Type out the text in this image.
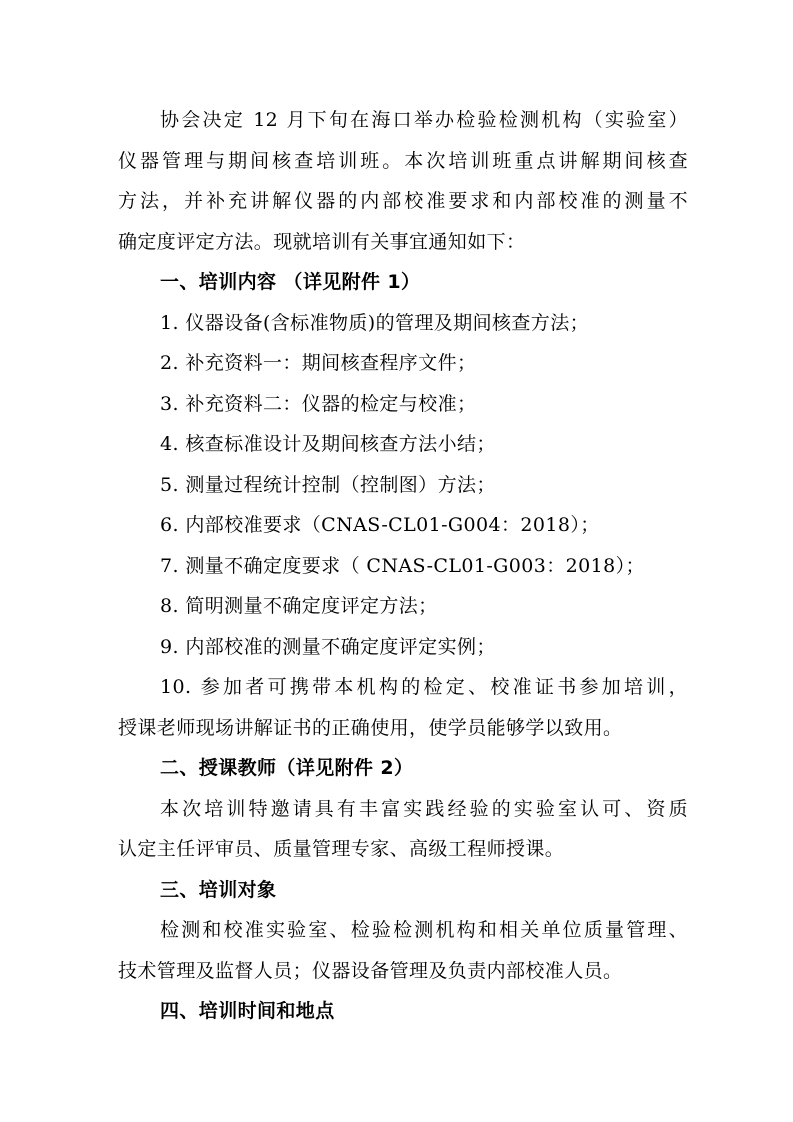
协会决定 12 月下旬在海口举办检验检测机构（实验室）
仪器管理与期间核查培训班。本次培训班重点讲解期间核查
方法，并补充讲解仪器的内部校准要求和内部校准的测量不
确定度评定方法。现就培训有关事宜通知如下：
一、培训内容 （详见附件 1）
1. 仪器设备(含标准物质)的管理及期间核查方法；
2. 补充资料一：期间核查程序文件；
3. 补充资料二：仪器的检定与校准；
4. 核查标准设计及期间核查方法小结；
5. 测量过程统计控制（控制图）方法；
6. 内部校准要求（CNAS-CL01-G004：2018）；
7. 测量不确定度要求（ CNAS-CL01-G003：2018）；
8. 简明测量不确定度评定方法；
9. 内部校准的测量不确定度评定实例；
10. 参加者可携带本机构的检定、校准证书参加培训，
授课老师现场讲解证书的正确使用，使学员能够学以致用。
二、授课教师（详见附件 2）
本次培训特邀请具有丰富实践经验的实验室认可、资质
认定主任评审员、质量管理专家、高级工程师授课。
三、培训对象
检测和校准实验室、检验检测机构和相关单位质量管理、
技术管理及监督人员；仪器设备管理及负责内部校准人员。
四、培训时间和地点
